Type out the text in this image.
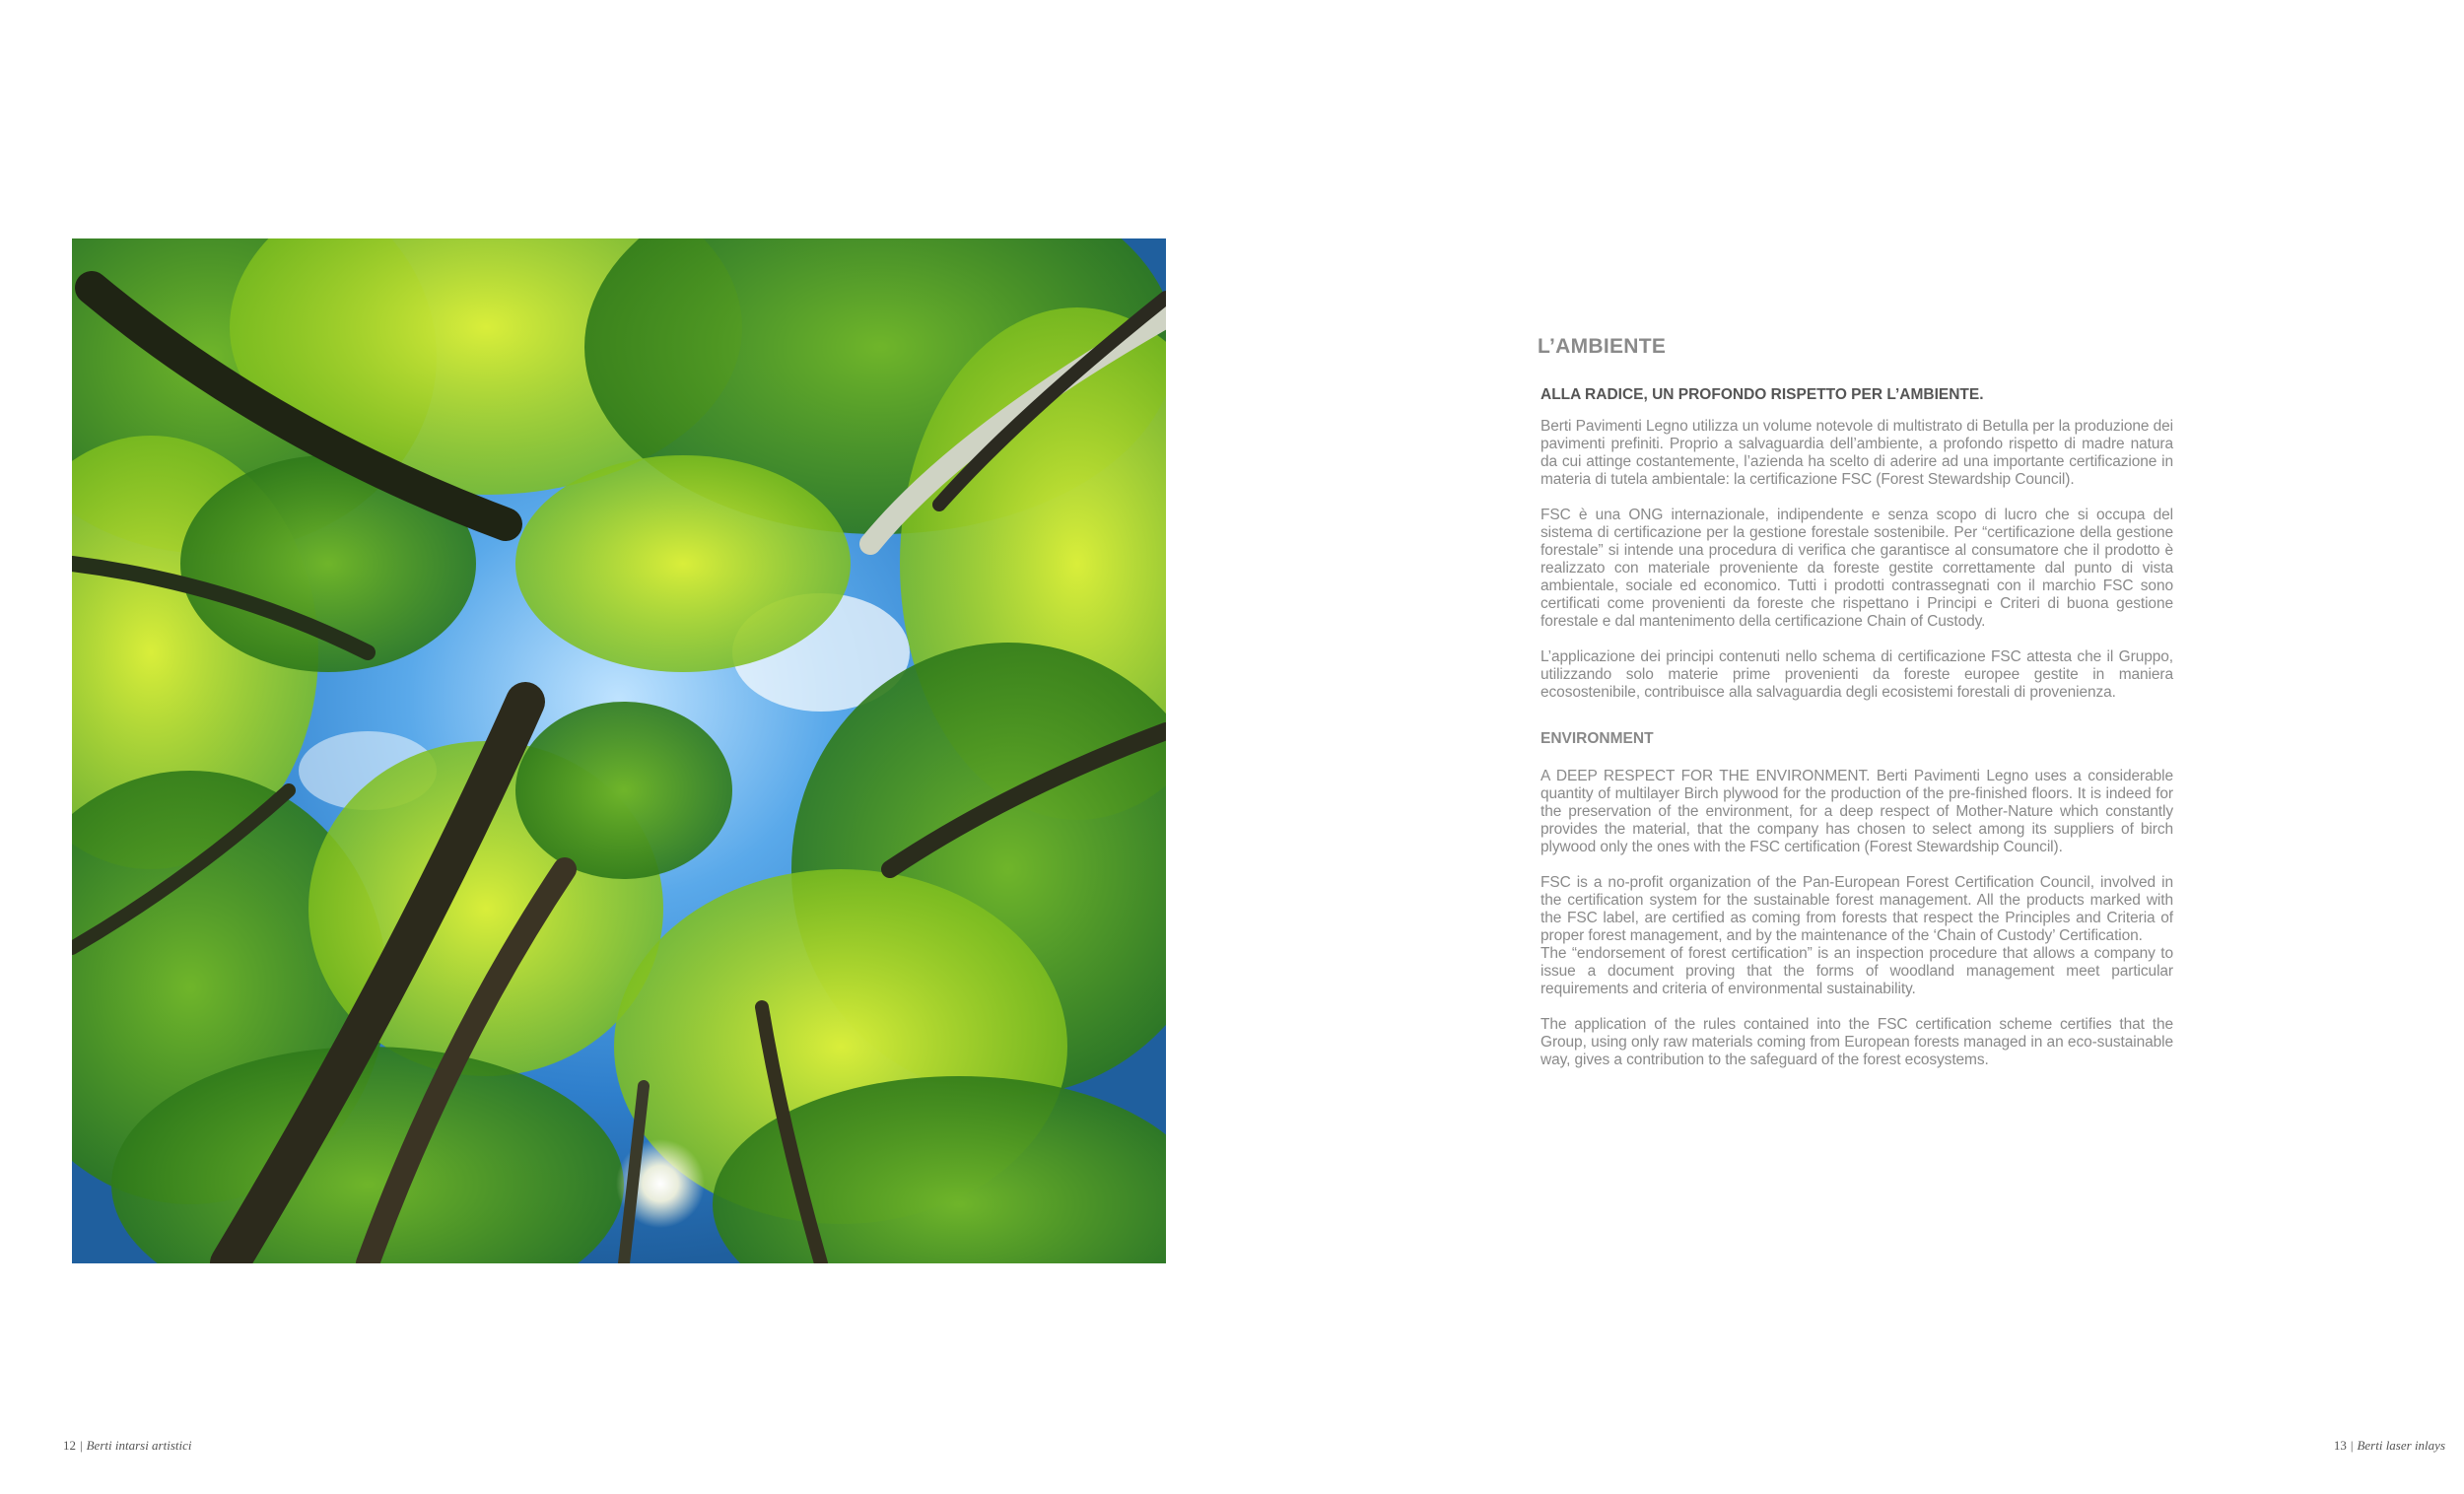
L’AMBIENTE
ALLA RADICE, UN PROFONDO RISPETTO PER L’AMBIENTE.
Berti Pavimenti Legno utilizza un volume notevole di multistrato di Betulla per la produzione dei pavimenti prefiniti. Proprio a salvaguardia dell’ambiente, a profondo rispetto di madre natura da cui attinge costantemente, l’azienda ha scelto di aderire ad una importante certificazione in materia di tutela ambientale: la certificazione FSC (Forest Stewardship Council).
FSC è una ONG internazionale, indipendente e senza scopo di lucro che si occupa del sistema di certificazione per la gestione forestale sostenibile. Per “certificazione della gestione forestale” si intende una procedura di verifica che garantisce al consumatore che il prodotto è realizzato con materiale proveniente da foreste gestite correttamente dal punto di vista ambientale, sociale ed economico. Tutti i prodotti contrassegnati con il marchio FSC sono certificati come provenienti da foreste che rispettano i Principi e Criteri di buona gestione forestale e dal mantenimento della certificazione Chain of Custody.
L’applicazione dei principi contenuti nello schema di certificazione FSC attesta che il Gruppo, utilizzando solo materie prime provenienti da foreste europee gestite in maniera ecosostenibile, contribuisce alla salvaguardia degli ecosistemi forestali di provenienza.
ENVIRONMENT
A DEEP RESPECT FOR THE ENVIRONMENT. Berti Pavimenti Legno uses a considerable quantity of multilayer Birch plywood for the production of the pre-finished floors. It is indeed for the preservation of the environment, for a deep respect of Mother-Nature which constantly provides the material, that the company has chosen to select among its suppliers of birch plywood only the ones with the FSC certification (Forest Stewardship Council).

FSC is a no-profit organization of the Pan-European Forest Certification Council, involved in the certification system for the sustainable forest management. All the products marked with the FSC label, are certified as coming from forests that respect the Principles and Criteria of proper forest management, and by the maintenance of the ‘Chain of Custody’ Certification.

The “endorsement of forest certification” is an inspection procedure that allows a company to issue a document proving that the forms of woodland management meet particular requirements and criteria of environmental sustainability.

The application of the rules contained into the FSC certification scheme certifies that the Group, using only raw materials coming from European forests managed in an eco-sustainable way, gives a contribution to the safeguard of the forest ecosystems.
12 | Berti intarsi artistici	13 | Berti laser inlays
